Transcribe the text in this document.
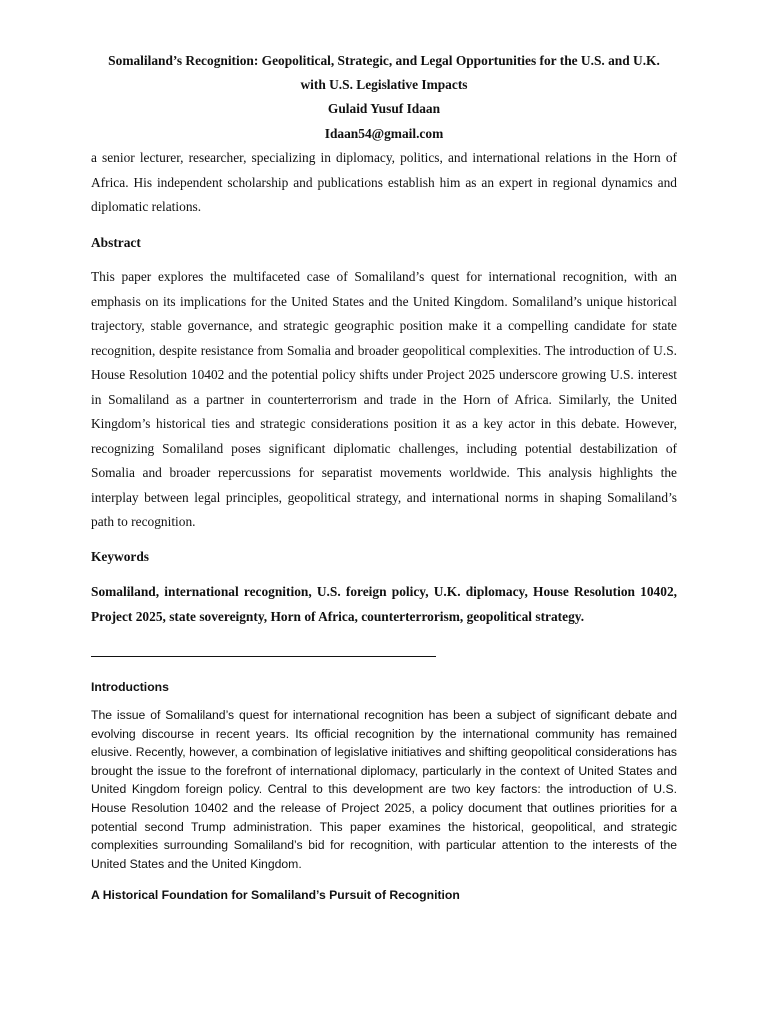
Somaliland’s Recognition: Geopolitical, Strategic, and Legal Opportunities for the U.S. and U.K.
with U.S. Legislative Impacts
Gulaid Yusuf Idaan
Idaan54@gmail.com
a senior lecturer, researcher, specializing in diplomacy, politics, and international relations in the Horn of Africa. His independent scholarship and publications establish him as an expert in regional dynamics and diplomatic relations.
Abstract
This paper explores the multifaceted case of Somaliland’s quest for international recognition, with an emphasis on its implications for the United States and the United Kingdom. Somaliland’s unique historical trajectory, stable governance, and strategic geographic position make it a compelling candidate for state recognition, despite resistance from Somalia and broader geopolitical complexities. The introduction of U.S. House Resolution 10402 and the potential policy shifts under Project 2025 underscore growing U.S. interest in Somaliland as a partner in counterterrorism and trade in the Horn of Africa. Similarly, the United Kingdom’s historical ties and strategic considerations position it as a key actor in this debate. However, recognizing Somaliland poses significant diplomatic challenges, including potential destabilization of Somalia and broader repercussions for separatist movements worldwide. This analysis highlights the interplay between legal principles, geopolitical strategy, and international norms in shaping Somaliland’s path to recognition.
Keywords
Somaliland, international recognition, U.S. foreign policy, U.K. diplomacy, House Resolution 10402, Project 2025, state sovereignty, Horn of Africa, counterterrorism, geopolitical strategy.
Introductions
The issue of Somaliland’s quest for international recognition has been a subject of significant debate and evolving discourse in recent years. Its official recognition by the international community has remained elusive. Recently, however, a combination of legislative initiatives and shifting geopolitical considerations has brought the issue to the forefront of international diplomacy, particularly in the context of United States and United Kingdom foreign policy. Central to this development are two key factors: the introduction of U.S. House Resolution 10402 and the release of Project 2025, a policy document that outlines priorities for a potential second Trump administration. This paper examines the historical, geopolitical, and strategic complexities surrounding Somaliland’s bid for recognition, with particular attention to the interests of the United States and the United Kingdom.
A Historical Foundation for Somaliland’s Pursuit of Recognition
